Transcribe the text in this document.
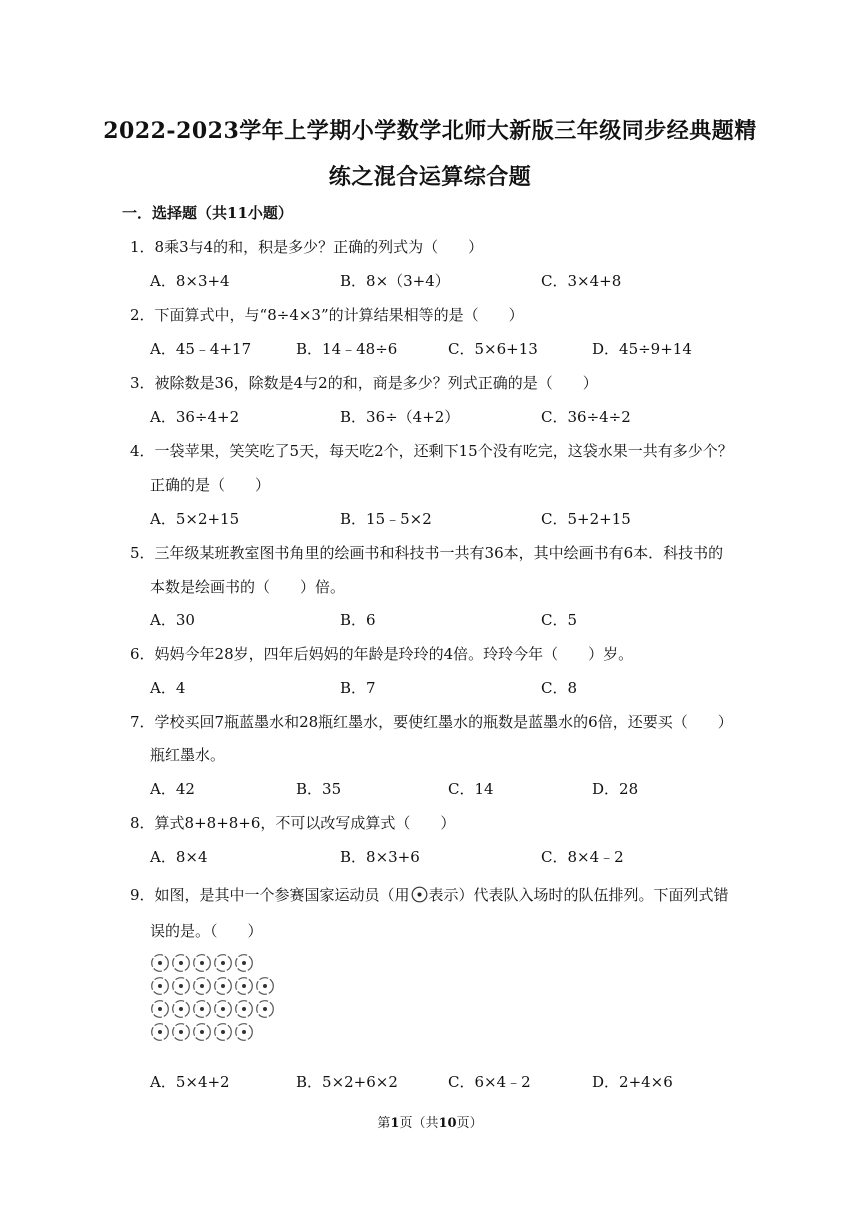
2022-2023学年上学期小学数学北师大新版三年级同步经典题精
练之混合运算综合题
一．选择题（共11小题）
1．8乘3与4的和，积是多少？正确的列式为（　　）
A．8×3+4	B．8×（3+4）	C．3×4+8
2．下面算式中，与“8÷4×3”的计算结果相等的是（　　）
A．45﹣4+17	B．14﹣48÷6	C．5×6+13	D．45÷9+14
3．被除数是36，除数是4与2的和，商是多少？列式正确的是（　　）
A．36÷4+2	B．36÷（4+2）	C．36÷4÷2
4．一袋苹果，笑笑吃了5天，每天吃2个，还剩下15个没有吃完，这袋水果一共有多少个？
正确的是（　　）
A．5×2+15	B．15﹣5×2	C．5+2+15
5．三年级某班教室图书角里的绘画书和科技书一共有36本，其中绘画书有6本．科技书的
本数是绘画书的（　　）倍。
A．30	B．6	C．5
6．妈妈今年28岁，四年后妈妈的年龄是玲玲的4倍。玲玲今年（　　）岁。
A．4	B．7	C．8
7．学校买回7瓶蓝墨水和28瓶红墨水，要使红墨水的瓶数是蓝墨水的6倍，还要买（　　）
瓶红墨水。
A．42	B．35	C．14	D．28
8．算式8+8+8+6，不可以改写成算式（　　）
A．8×4	B．8×3+6	C．8×4﹣2
9．如图，是其中一个参赛国家运动员（用 表示）代表队入场时的队伍排列。下面列式错
误的是。（　　）
A．5×4+2	B．5×2+6×2	C．6×4﹣2	D．2+4×6
第1页（共10页）
